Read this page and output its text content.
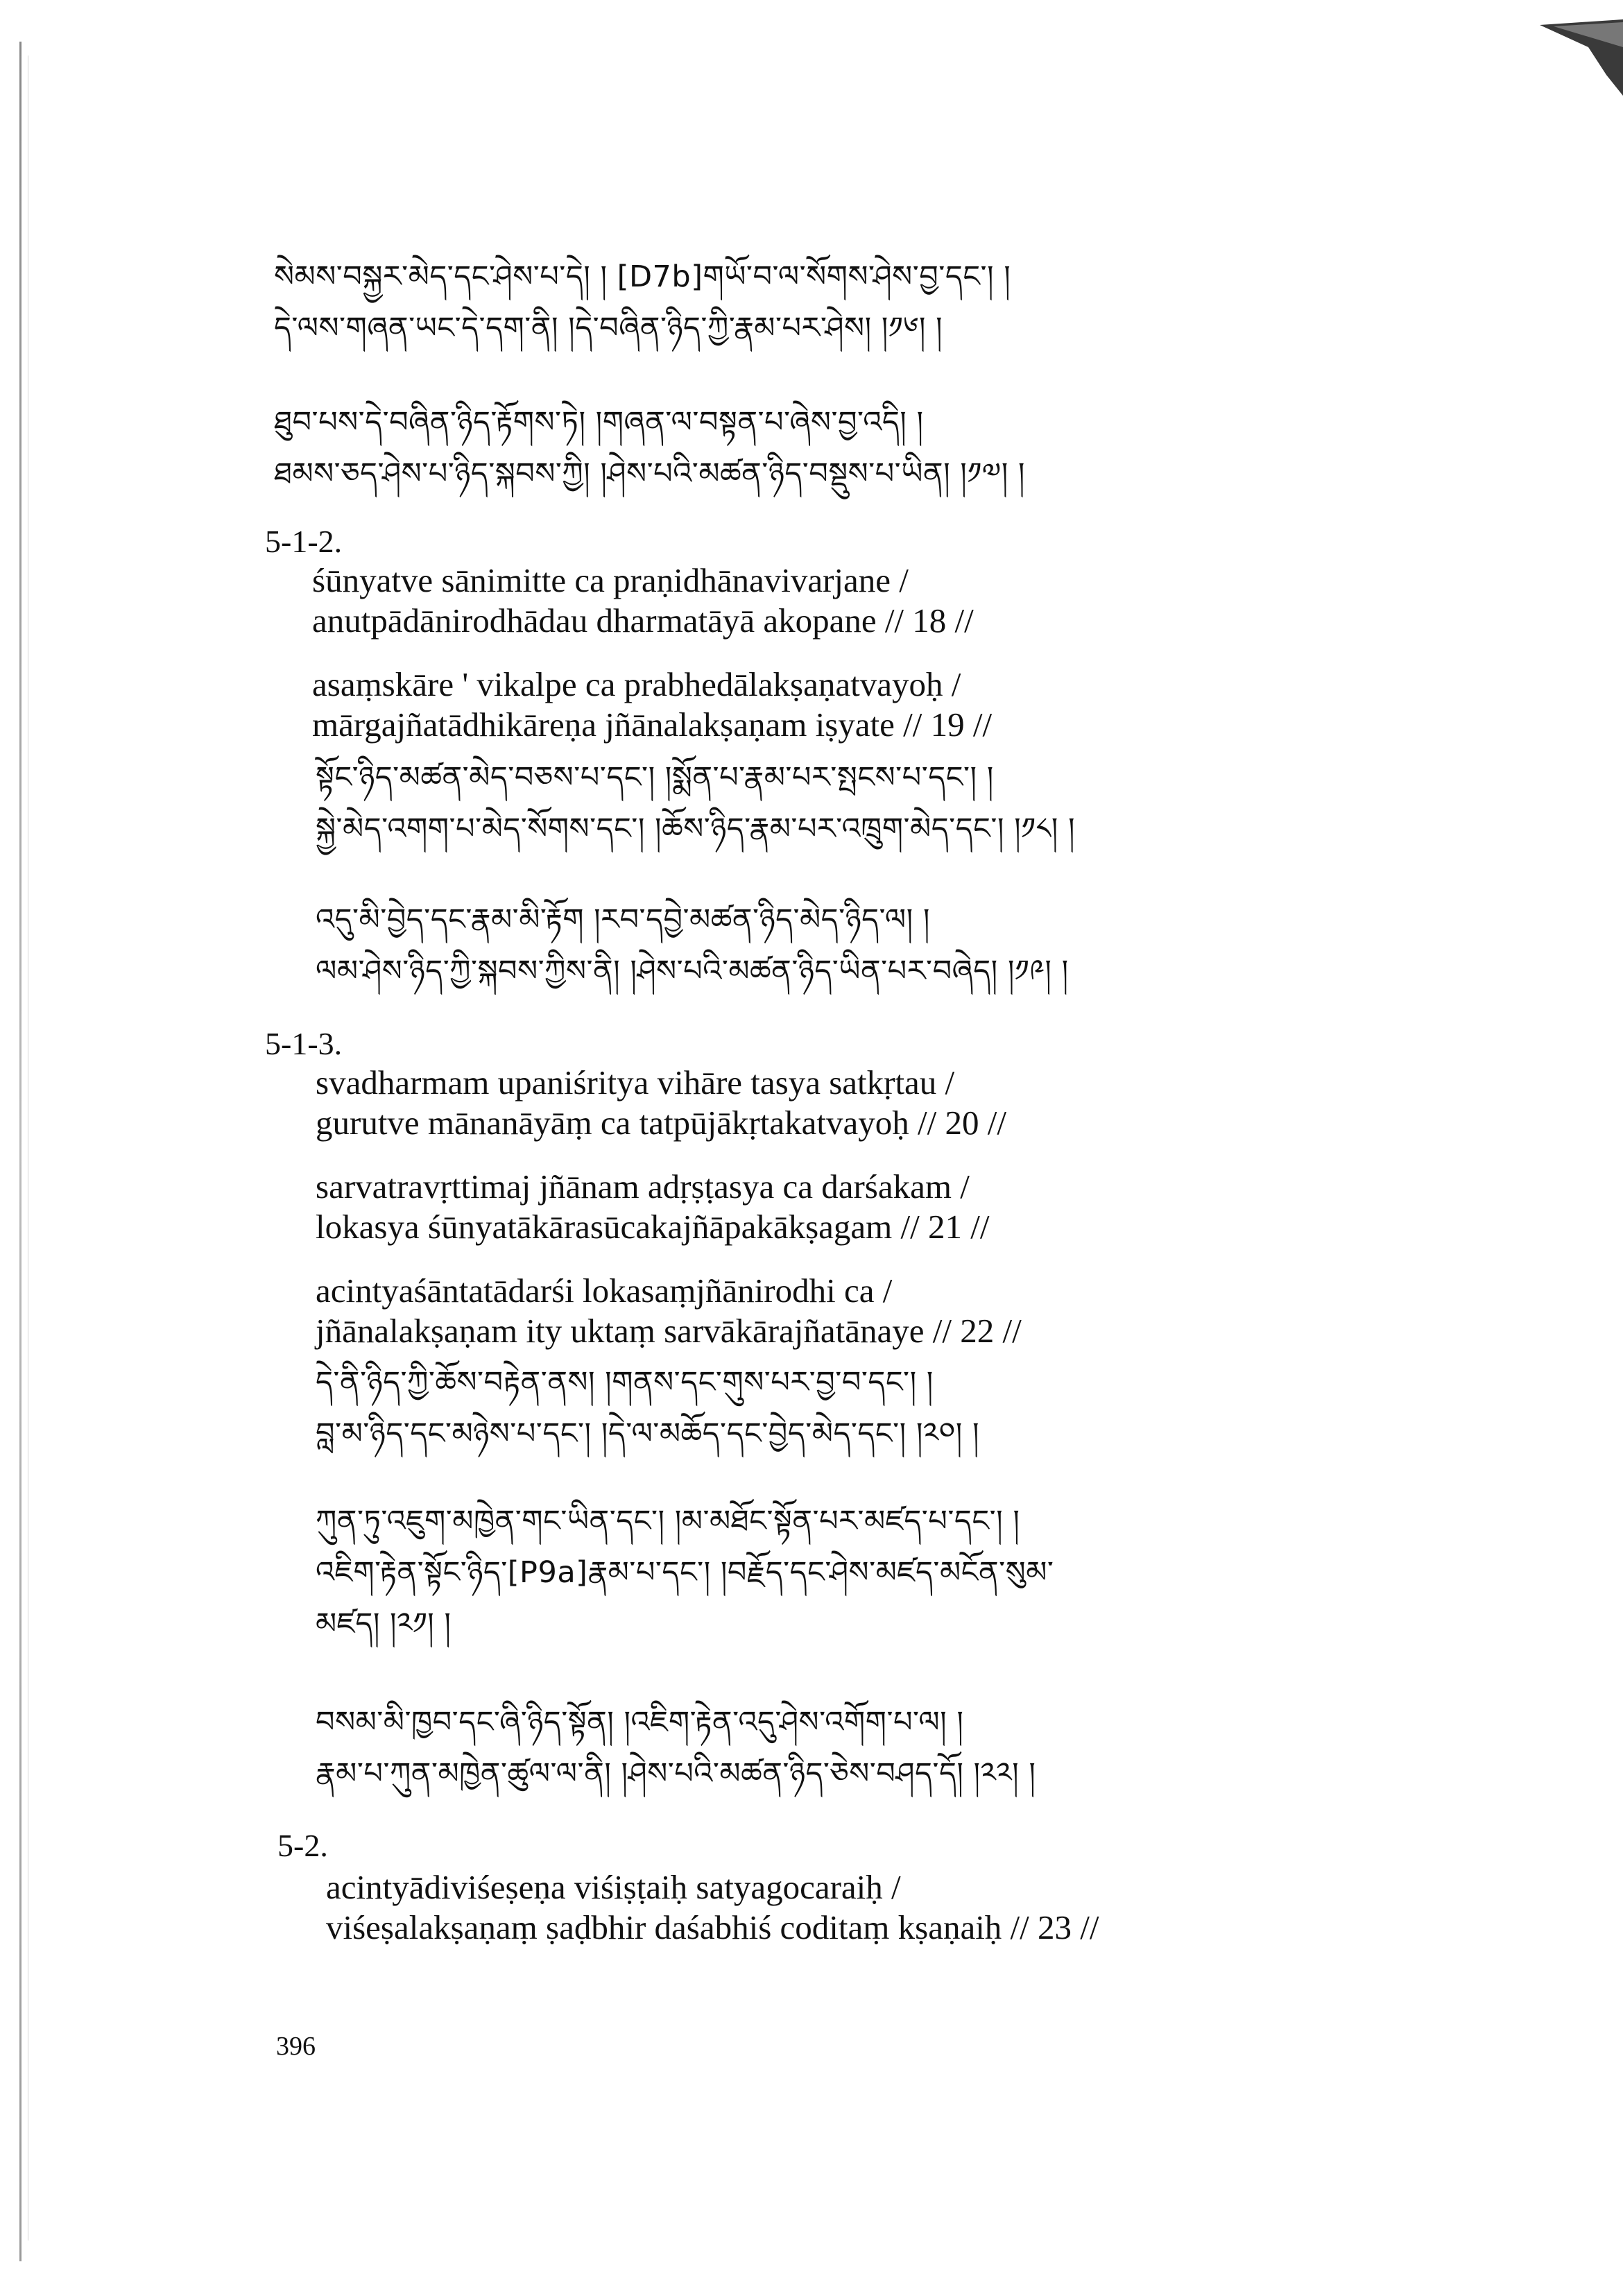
སེམས་བསྐྱར་མེད་དང་ཤེས་པ་དེ། ། [D7b]གཡོ་བ་ལ་སོགས་ཤེས་བྱ་དང་། །
དེ་ལས་གཞན་ཡང་དེ་དག་ནི། །དེ་བཞིན་ཉིད་ཀྱི་རྣམ་པར་ཤེས། །༡༦། །
ཐུབ་པས་དེ་བཞིན་ཉིད་རྟོགས་ཏེ། །གཞན་ལ་བསྟན་པ་ཞེས་བྱ་འདི། །
ཐམས་ཅད་ཤེས་པ་ཉིད་སྐབས་ཀྱི། །ཤེས་པའི་མཚན་ཉིད་བསྡུས་པ་ཡིན། །༡༧། །
5-1-2.
śūnyatve sānimitte ca praṇidhānavivarjane /
anutpādānirodhādau dharmatāyā akopane // 18 //
asaṃskāre ' vikalpe ca prabhedālakṣaṇatvayoḥ /
mārgajñatādhikāreṇa jñānalakṣaṇam iṣyate // 19 //
སྟོང་ཉིད་མཚན་མེད་བཅས་པ་དང་། །སྨོན་པ་རྣམ་པར་སྤངས་པ་དང་། །
སྐྱེ་མེད་འགག་པ་མེད་སོགས་དང་། །ཆོས་ཉིད་རྣམ་པར་འཁྲུག་མེད་དང་། །༡༨། །
འདུ་མི་བྱེད་དང་རྣམ་མི་རྟོག །རབ་དབྱེ་མཚན་ཉིད་མེད་ཉིད་ལ། །
ལམ་ཤེས་ཉིད་ཀྱི་སྐབས་ཀྱིས་ནི། །ཤེས་པའི་མཚན་ཉིད་ཡིན་པར་བཞེད། །༡༩། །
5-1-3.
svadharmam upaniśritya vihāre tasya satkṛtau /
gurutve mānanāyāṃ ca tatpūjākṛtakatvayoḥ // 20 //
sarvatravṛttimaj jñānam adṛṣṭasya ca darśakam /
lokasya śūnyatākārasūcakajñāpakākṣagam // 21 //
acintyaśāntatādarśi lokasaṃjñānirodhi ca /
jñānalakṣaṇam ity uktaṃ sarvākārajñatānaye // 22 //
དེ་ནི་ཉིད་ཀྱི་ཆོས་བརྟེན་ནས། །གནས་དང་གུས་པར་བྱ་བ་དང་། །
བླ་མ་ཉིད་དང་མཉེས་པ་དང་། །དེ་ལ་མཆོད་དང་བྱེད་མེད་དང་། །༢༠། །
ཀུན་ཏུ་འཇུག་མཁྱེན་གང་ཡིན་དང་། །མ་མཐོང་སྟོན་པར་མཛད་པ་དང་། །
འཇིག་རྟེན་སྟོང་ཉིད་[P9a]རྣམ་པ་དང་། །བརྗོད་དང་ཤེས་མཛད་མངོན་སུམ་
མཛད། །༢༡། །
བསམ་མི་ཁྱབ་དང་ཞི་ཉིད་སྟོན། །འཇིག་རྟེན་འདུ་ཤེས་འགོག་པ་ལ། །
རྣམ་པ་ཀུན་མཁྱེན་ཚུལ་ལ་ནི། །ཤེས་པའི་མཚན་ཉིད་ཅེས་བཤད་དོ། །༢༢། །
5-2.
acintyādiviśeṣeṇa viśiṣṭaiḥ satyagocaraiḥ /
viśeṣalakṣaṇaṃ ṣaḍbhir daśabhiś coditaṃ kṣaṇaiḥ // 23 //
396
